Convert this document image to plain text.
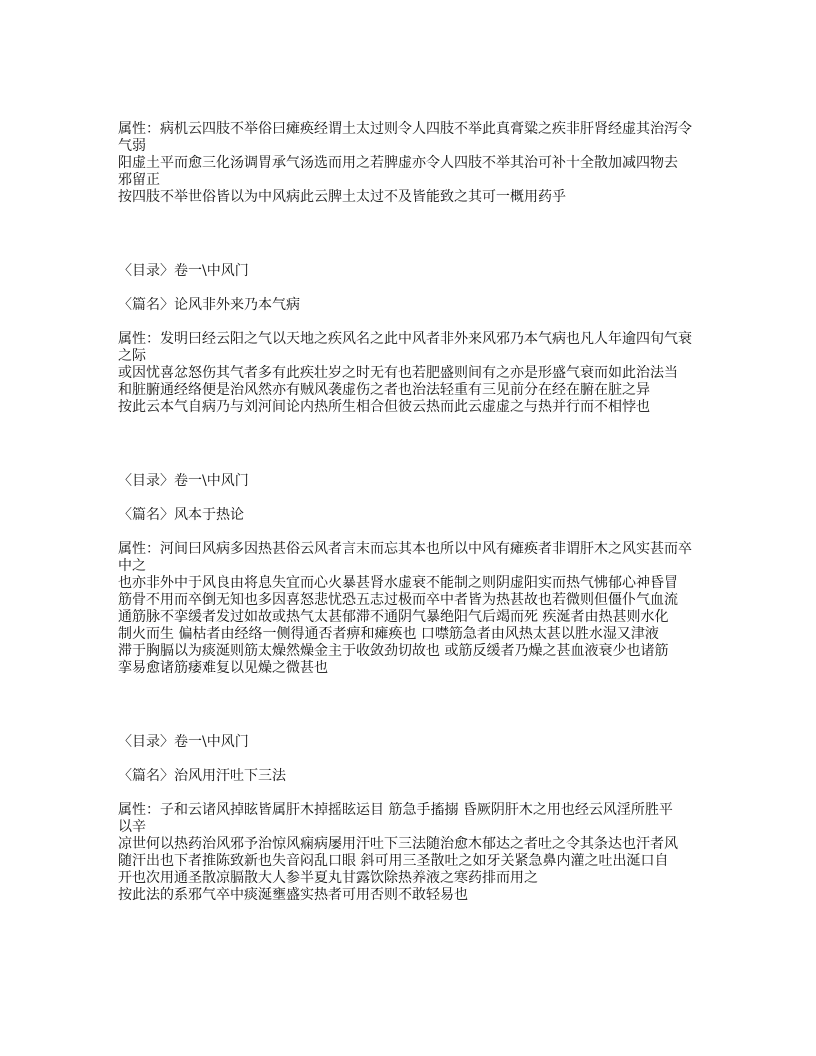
属性：病机云四肢不举俗曰瘫痪经谓土太过则令人四肢不举此真膏粱之疾非肝肾经虚其治泻令
气弱
阳虚土平而愈三化汤调胃承气汤选而用之若脾虚亦令人四肢不举其治可补十全散加减四物去
邪留正
按四肢不举世俗皆以为中风病此云脾土太过不及皆能致之其可一概用药乎
〈目录〉卷一\中风门
〈篇名〉论风非外来乃本气病
属性：发明曰经云阳之气以天地之疾风名之此中风者非外来风邪乃本气病也凡人年逾四旬气衰
之际
或因忧喜忿怒伤其气者多有此疾壮岁之时无有也若肥盛则间有之亦是形盛气衰而如此治法当
和脏腑通经络便是治风然亦有贼风袭虚伤之者也治法轻重有三见前分在经在腑在脏之异
按此云本气自病乃与刘河间论内热所生相合但彼云热而此云虚虚之与热并行而不相悖也
〈目录〉卷一\中风门
〈篇名〉风本于热论
属性：河间曰风病多因热甚俗云风者言末而忘其本也所以中风有瘫痪者非谓肝木之风实甚而卒
中之
也亦非外中于风良由将息失宜而心火暴甚肾水虚衰不能制之则阴虚阳实而热气怫郁心神昏冒
筋骨不用而卒倒无知也多因喜怒悲忧恐五志过极而卒中者皆为热甚故也若微则但僵仆气血流
通筋脉不挛缓者发过如故或热气太甚郁滞不通阴气暴绝阳气后竭而死 疾涎者由热甚则水化
制火而生 偏枯者由经络一侧得通否者痹和瘫痪也 口噤筋急者由风热太甚以胜水湿又津液
滞于胸膈以为痰涎则筋太燥然燥金主于收敛劲切故也 或筋反缓者乃燥之甚血液衰少也诸筋
挛易愈诸筋痿难复以见燥之微甚也
〈目录〉卷一\中风门
〈篇名〉治风用汗吐下三法
属性：子和云诸风掉眩皆属肝木掉摇眩运目 筋急手搐搦 昏厥阴肝木之用也经云风淫所胜平
以辛
凉世何以热药治风邪予治惊风痫病屡用汗吐下三法随治愈木郁达之者吐之令其条达也汗者风
随汗出也下者推陈致新也失音闷乱口眼 斜可用三圣散吐之如牙关紧急鼻内灌之吐出涎口自
开也次用通圣散凉膈散大人参半夏丸甘露饮除热养液之寒药排而用之
按此法的系邪气卒中痰涎壅盛实热者可用否则不敢轻易也
